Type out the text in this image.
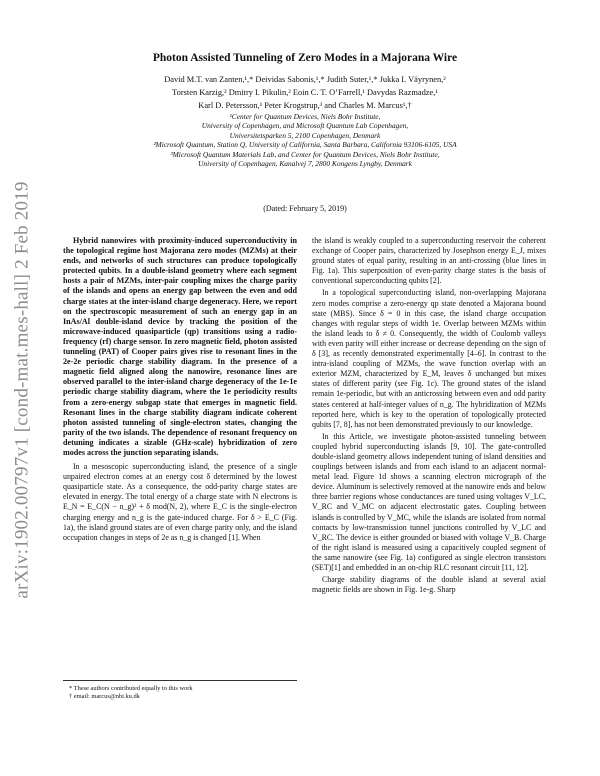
arXiv:1902.00797v1 [cond-mat.mes-hall] 2 Feb 2019
Photon Assisted Tunneling of Zero Modes in a Majorana Wire
David M.T. van Zanten,¹,* Deividas Sabonis,¹,* Judith Suter,¹,* Jukka I. Väyrynen,²
Torsten Karzig,² Dmitry I. Pikulin,² Eoin C. T. O’Farrell,¹ Davydas Razmadze,¹
Karl D. Petersson,¹ Peter Krogstrup,³ and Charles M. Marcus¹,†
¹Center for Quantum Devices, Niels Bohr Institute,
University of Copenhagen, and Microsoft Quantum Lab Copenhagen,
Universitetsparken 5, 2100 Copenhagen, Denmark
²Microsoft Quantum, Station Q, University of California, Santa Barbara, California 93106-6105, USA
³Microsoft Quantum Materials Lab, and Center for Quantum Devices, Niels Bohr Institute,
University of Copenhagen, Kanalvej 7, 2800 Kongens Lyngby, Denmark
(Dated: February 5, 2019)

Hybrid nanowires with proximity-induced superconductivity in the topological regime host Majorana zero modes (MZMs) at their ends, and networks of such structures can produce topologically protected qubits. In a double-island geometry where each segment hosts a pair of MZMs, inter-pair coupling mixes the charge parity of the islands and opens an energy gap between the even and odd charge states at the inter-island charge degeneracy. Here, we report on the spectroscopic measurement of such an energy gap in an InAs/Al double-island device by tracking the position of the microwave-induced quasiparticle (qp) transitions using a radio-frequency (rf) charge sensor. In zero magnetic field, photon assisted tunneling (PAT) of Cooper pairs gives rise to resonant lines in the 2e-2e periodic charge stability diagram. In the presence of a magnetic field aligned along the nanowire, resonance lines are observed parallel to the inter-island charge degeneracy of the 1e-1e periodic charge stability diagram, where the 1e periodicity results from a zero-energy subgap state that emerges in magnetic field. Resonant lines in the charge stability diagram indicate coherent photon assisted tunneling of single-electron states, changing the parity of the two islands. The dependence of resonant frequency on detuning indicates a sizable (GHz-scale) hybridization of zero modes across the junction separating islands.

In a mesoscopic superconducting island, the presence of a single unpaired electron comes at an energy cost δ determined by the lowest quasiparticle state. As a consequence, the odd-parity charge states are elevated in energy. The total energy of a charge state with N electrons is E_N = E_C(N − n_g)² + δ mod(N, 2), where E_C is the single-electron charging energy and n_g is the gate-induced charge. For δ > E_C (Fig. 1a), the island ground states are of even charge parity only, and the island occupation changes in steps of 2e as n_g is changed [1]. When

the island is weakly coupled to a superconducting reservoir the coherent exchange of Cooper pairs, characterized by Josephson energy E_J, mixes ground states of equal parity, resulting in an anti-crossing (blue lines in Fig. 1a). This superposition of even-parity charge states is the basis of conventional superconducting qubits [2].

In a topological superconducting island, non-overlapping Majorana zero modes comprise a zero-energy qp state denoted a Majorana bound state (MBS). Since δ = 0 in this case, the island charge occupation changes with regular steps of width 1e. Overlap between MZMs within the island leads to δ ≠ 0. Consequently, the width of Coulomb valleys with even parity will either increase or decrease depending on the sign of δ [3], as recently demonstrated experimentally [4–6]. In contrast to the intra-island coupling of MZMs, the wave function overlap with an exterior MZM, characterized by E_M, leaves δ unchanged but mixes states of different parity (see Fig. 1c). The ground states of the island remain 1e-periodic, but with an anticrossing between even and odd parity states centered at half-integer values of n_g. The hybridization of MZMs reported here, which is key to the operation of topologically protected qubits [7, 8], has not been demonstrated previously to our knowledge.

In this Article, we investigate photon-assisted tunneling between coupled hybrid superconducting islands [9, 10]. The gate-controlled double-island geometry allows independent tuning of island densities and couplings between islands and from each island to an adjacent normal-metal lead. Figure 1d shows a scanning electron micrograph of the device. Aluminum is selectively removed at the nanowire ends and below three barrier regions whose conductances are tuned using voltages V_LC, V_RC and V_MC on adjacent electrostatic gates. Coupling between islands is controlled by V_MC, while the islands are isolated from normal contacts by low-transmission tunnel junctions controlled by V_LC and V_RC. The device is either grounded or biased with voltage V_B. Charge of the right island is measured using a capacitively coupled segment of the same nanowire (see Fig. 1a) configured as single electron transistors (SET)[1] and embedded in an on-chip RLC resonant circuit [11, 12].

Charge stability diagrams of the double island at several axial magnetic fields are shown in Fig. 1e-g. Sharp

* These authors contributed equally to this work
† email: marcus@nbi.ku.dk
